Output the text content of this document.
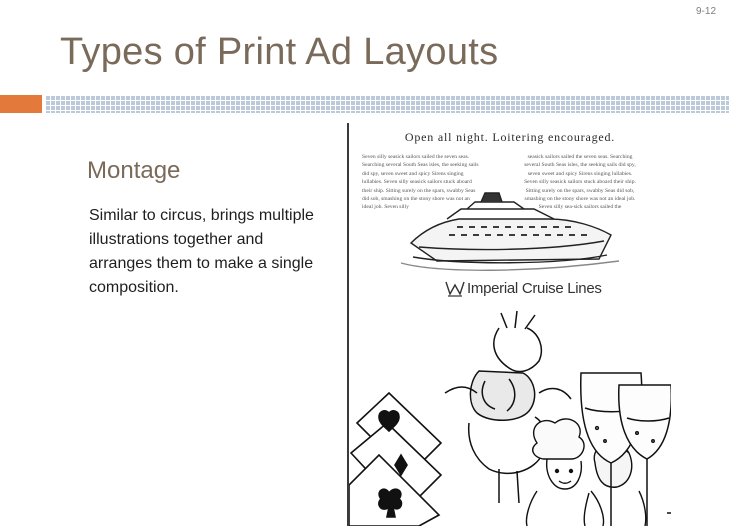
9-12
Types of Print Ad Layouts
Montage
Similar to circus, brings multiple illustrations together and arranges them to make a single composition.
Open all night. Loitering encouraged.
Seven silly seasick sailors sailed the seven seas. Searching several South Seas isles, the seeking sails did spy, seven sweet and spicy Sirens singing lullabies. Seven silly seasick sailors stuck aboard their ship. Sitting surely on the spars, swabby Seas did sob, smashing on the stony shore was not an ideal job. Seven silly
seasick sailors sailed the seven seas. Searching several South Seas isles, the seeking sails did spy, seven sweet and spicy Sirens singing lullabies. Seven silly seasick sailors stuck aboard their ship. Sitting surely on the spars, swabby Seas did sob, smashing on the stony shore was not an ideal job. Seven silly sea-sick sailors sailed the
Imperial Cruise Lines
